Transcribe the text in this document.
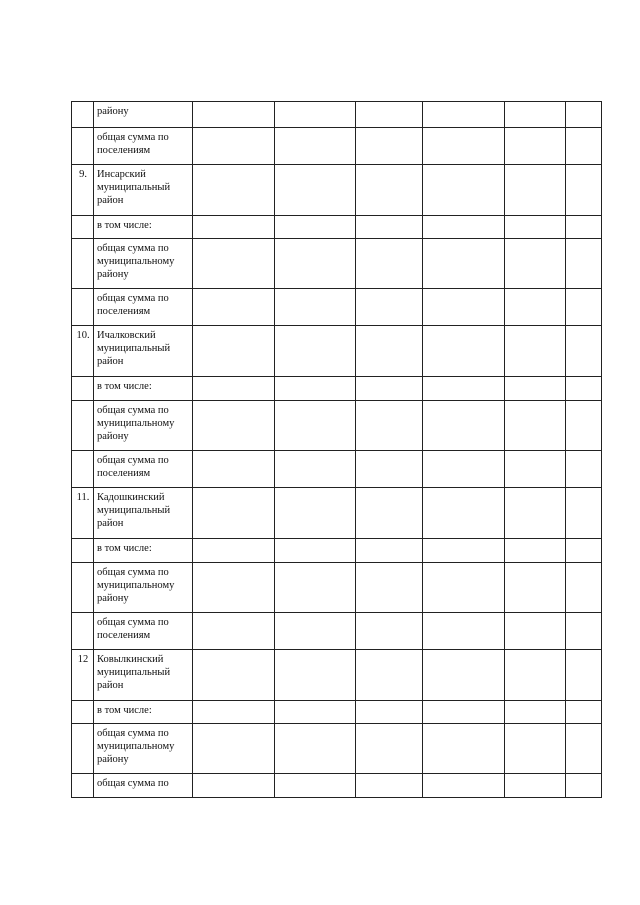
	району						
	общая сумма по
поселениям						
9.	Инсарский
муниципальный
район						
	в том числе:						
	общая сумма по
муниципальному
району						
	общая сумма по
поселениям						
10.	Ичалковский
муниципальный
район						
	в том числе:						
	общая сумма по
муниципальному
району						
	общая сумма по
поселениям						
11.	Кадошкинский
муниципальный
район						
	в том числе:						
	общая сумма по
муниципальному
району						
	общая сумма по
поселениям						
12	Ковылкинский
муниципальный
район						
	в том числе:						
	общая сумма по
муниципальному
району						
	общая сумма по						
